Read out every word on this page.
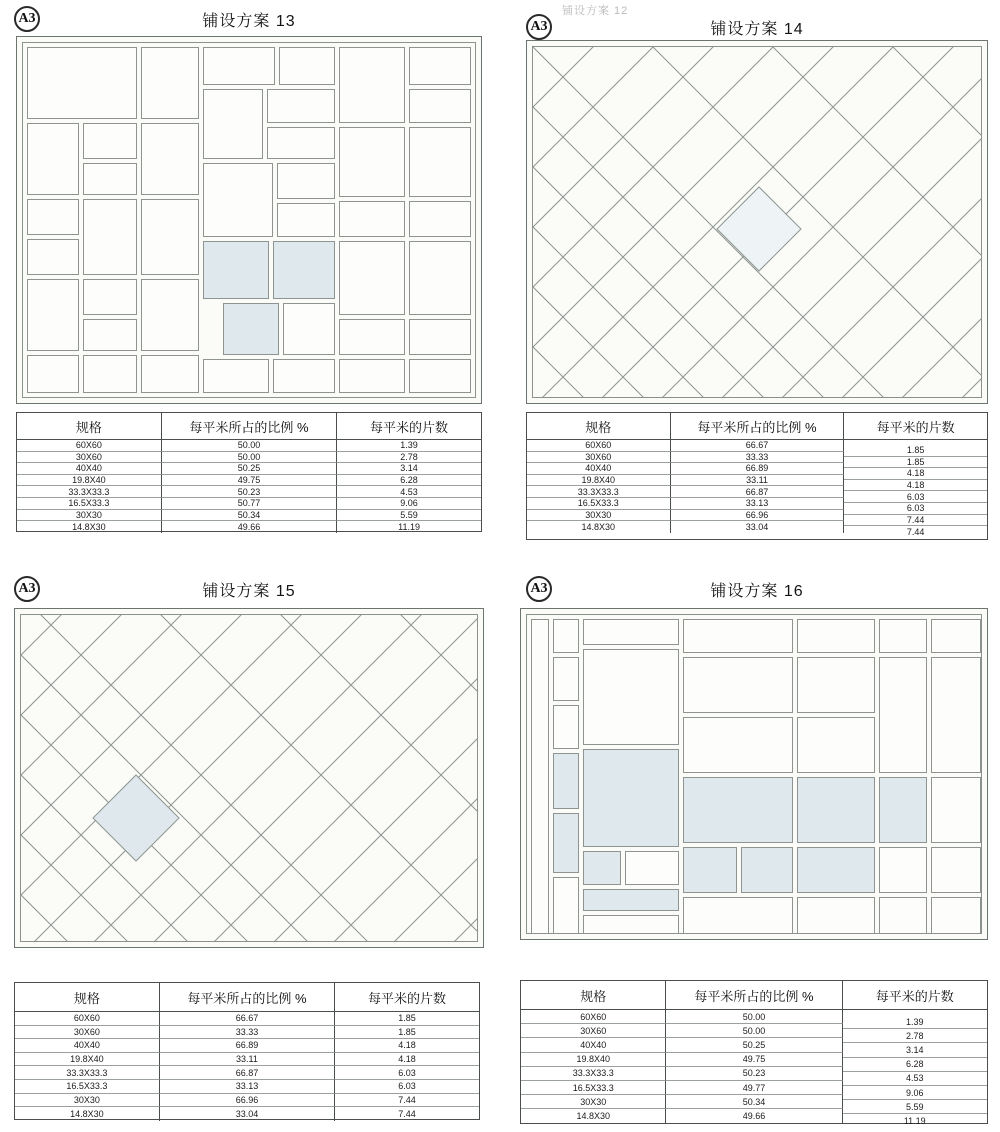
A3	铺设方案 13
规格	每平米所占的比例 %	每平米的片数
60X60	50.00	1.39
30X60	50.00	2.78
40X40	50.25	3.14
19.8X40	49.75	6.28
33.3X33.3	50.23	4.53
16.5X33.3	50.77	9.06
30X30	50.34	5.59
14.8X30	49.66	11.19
铺设方案 12
A3	铺设方案 14
规格	每平米所占的比例 %	每平米的片数
60X60	66.67	1.85
30X60	33.33	1.85
40X40	66.89	4.18
19.8X40	33.11	4.18
33.3X33.3	66.87	6.03
16.5X33.3	33.13	6.03
30X30	66.96	7.44
14.8X30	33.04	7.44
A3	铺设方案 15
规格	每平米所占的比例 %	每平米的片数
60X60	66.67	1.85
30X60	33.33	1.85
40X40	66.89	4.18
19.8X40	33.11	4.18
33.3X33.3	66.87	6.03
16.5X33.3	33.13	6.03
30X30	66.96	7.44
14.8X30	33.04	7.44
A3	铺设方案 16
规格	每平米所占的比例 %	每平米的片数
60X60	50.00	1.39
30X60	50.00	2.78
40X40	50.25	3.14
19.8X40	49.75	6.28
33.3X33.3	50.23	4.53
16.5X33.3	49.77	9.06
30X30	50.34	5.59
14.8X30	49.66	11.19
